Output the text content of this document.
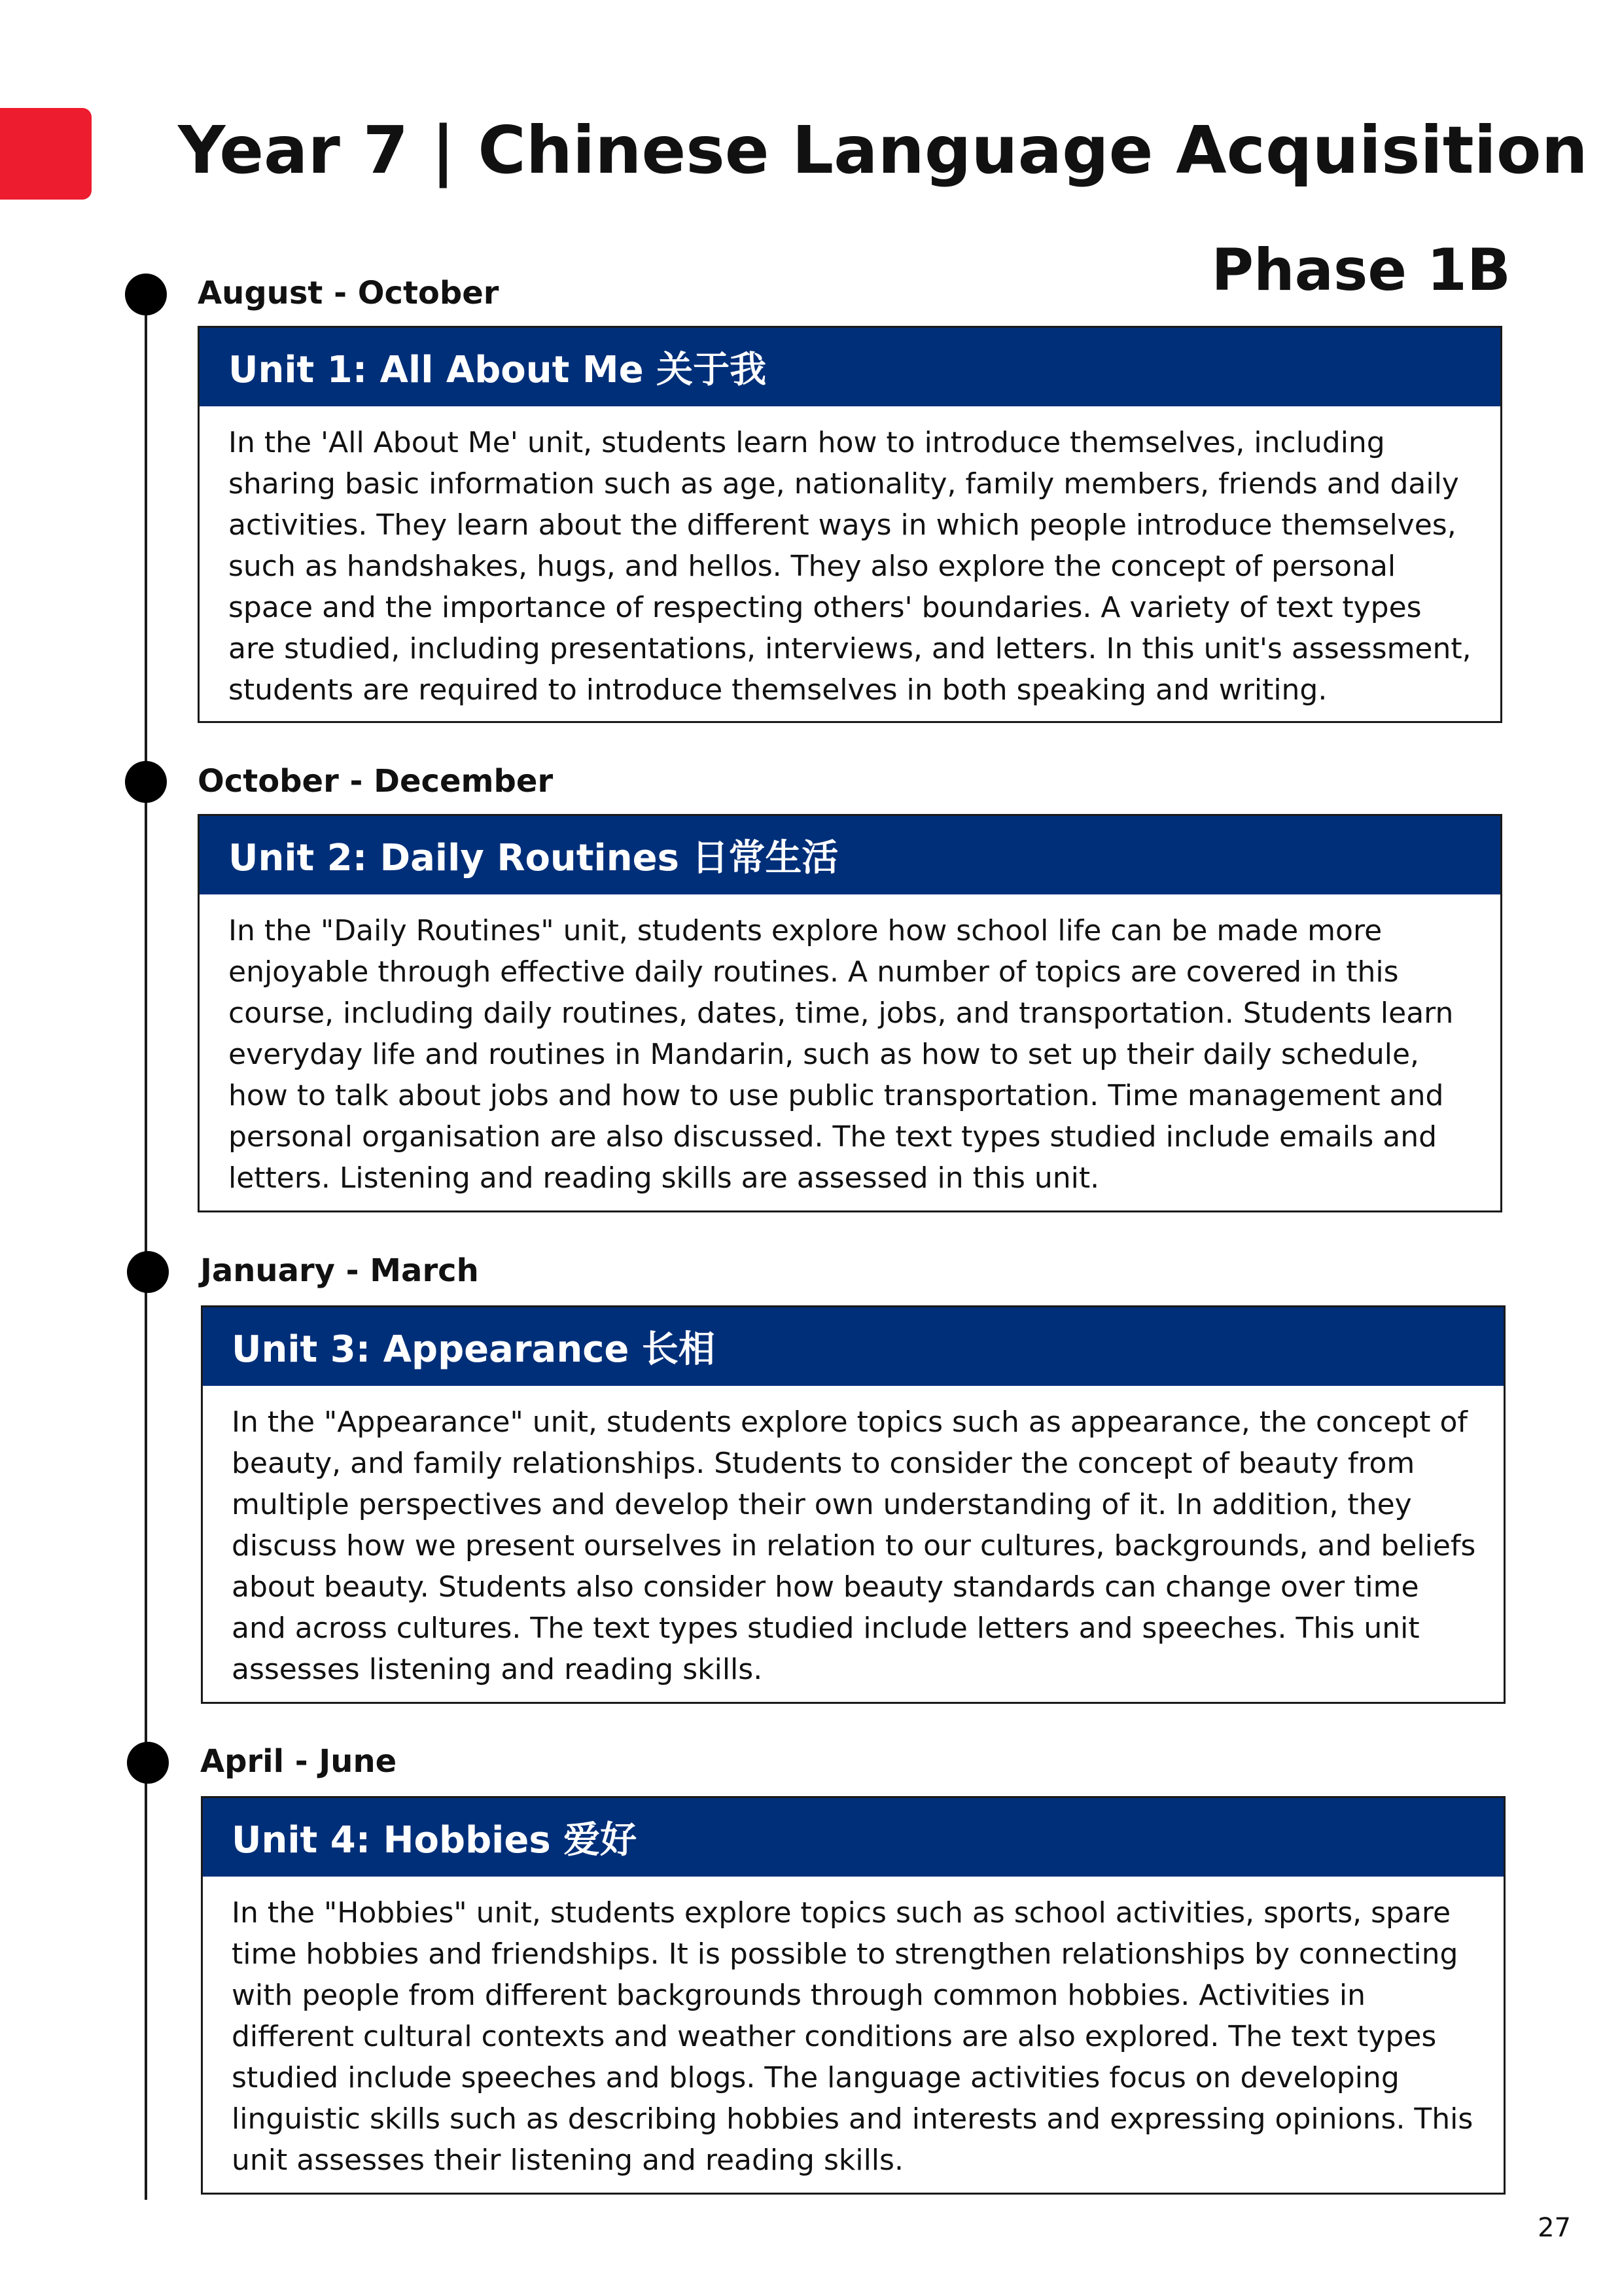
Year 7 | Chinese Language Acquisition
Phase 1B
August - October
Unit 1: All About Me 关于我
In the 'All About Me' unit, students learn how to introduce themselves, including sharing basic information such as age, nationality, family members, friends and daily activities. They learn about the different ways in which people introduce themselves, such as handshakes, hugs, and hellos. They also explore the concept of personal space and the importance of respecting others' boundaries. A variety of text types are studied, including presentations, interviews, and letters. In this unit's assessment, students are required to introduce themselves in both speaking and writing.
October - December
Unit 2: Daily Routines 日常生活
In the "Daily Routines" unit, students explore how school life can be made more enjoyable through effective daily routines. A number of topics are covered in this course, including daily routines, dates, time, jobs, and transportation. Students learn everyday life and routines in Mandarin, such as how to set up their daily schedule, how to talk about jobs and how to use public transportation. Time management and personal organisation are also discussed. The text types studied include emails and letters. Listening and reading skills are assessed in this unit.
January - March
Unit 3: Appearance 长相
In the "Appearance" unit, students explore topics such as appearance, the concept of beauty, and family relationships. Students to consider the concept of beauty from multiple perspectives and develop their own understanding of it. In addition, they discuss how we present ourselves in relation to our cultures, backgrounds, and beliefs about beauty. Students also consider how beauty standards can change over time and across cultures. The text types studied include letters and speeches. This unit assesses listening and reading skills.
April - June
Unit 4: Hobbies 爱好
In the "Hobbies" unit, students explore topics such as school activities, sports, spare time hobbies and friendships. It is possible to strengthen relationships by connecting with people from different backgrounds through common hobbies. Activities in different cultural contexts and weather conditions are also explored. The text types studied include speeches and blogs. The language activities focus on developing linguistic skills such as describing hobbies and interests and expressing opinions. This unit assesses their listening and reading skills.
27
